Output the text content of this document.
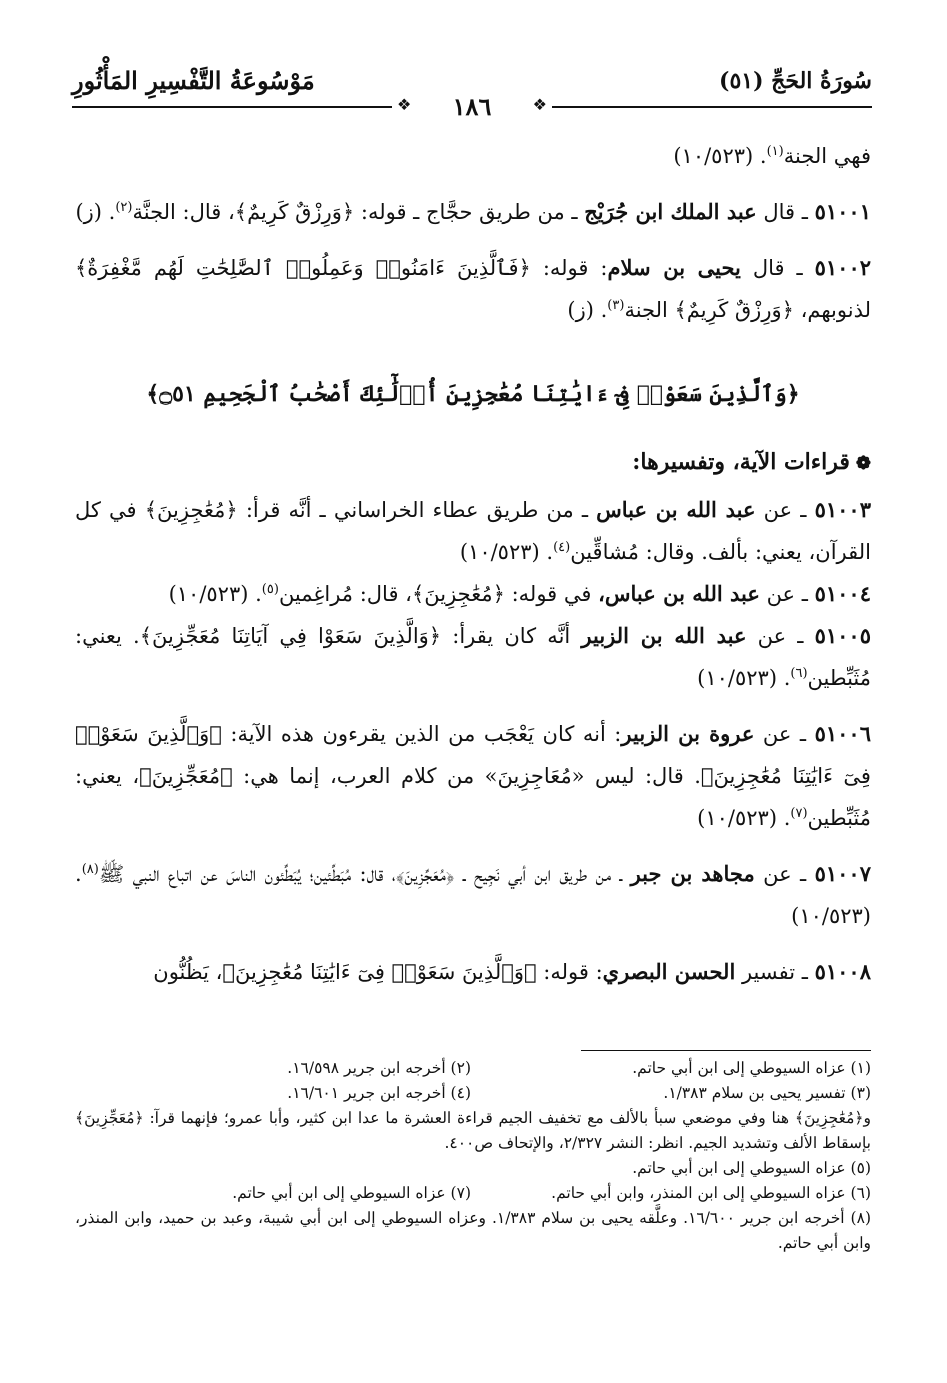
سُورَةُ الحَجِّ (٥١)
مَوْسُوعَةُ التَّفْسِيرِ المَأْثُورِ
❖
١٨٦
❖

فهي الجنة$^{(١)}$. (١٠/٥٢٣)

٥١٠٠١ ـ قال عبد الملك ابن جُرَيْج ـ من طريق حجَّاج ـ قوله: ﴿وَرِزْقٌ كَرِيمٌ﴾، قال: الجنَّة$^{(٢)}$. (ز)

٥١٠٠٢ ـ قال يحيى بن سلام: قوله: ﴿فَٱلَّذِينَ ءَامَنُوا۟ وَعَمِلُوا۟ ٱلصَّٰلِحَٰتِ لَهُم مَّغْفِرَةٌ﴾ لذنوبهم، ﴿وَرِزْقٌ كَرِيمٌ﴾ الجنة$^{(٣)}$. (ز)

﴿وَٱلَّذِينَ سَعَوْا۟ فِىٓ ءَايَٰتِنَا مُعَٰجِزِينَ أُو۟لَٰٓئِكَ أَصْحَٰبُ ٱلْجَحِيمِ ۝٥١﴾
❁قراءات الآية، وتفسيرها:

٥١٠٠٣ ـ عن عبد الله بن عباس ـ من طريق عطاء الخراساني ـ أنَّه قرأ: ﴿مُعَٰجِزِينَ﴾ في كل القرآن، يعني: بألف. وقال: مُشاقِّين$^{(٤)}$. (١٠/٥٢٣)

٥١٠٠٤ ـ عن عبد الله بن عباس، في قوله: ﴿مُعَٰجِزِينَ﴾، قال: مُراغِمين$^{(٥)}$. (١٠/٥٢٣)

٥١٠٠٥ ـ عن عبد الله بن الزبير أنَّه كان يقرأ: ﴿وَالَّذِينَ سَعَوْا فِي آيَاتِنَا مُعَجِّزِينَ﴾. يعني: مُثَبِّطين$^{(٦)}$. (١٠/٥٢٣)

٥١٠٠٦ ـ عن عروة بن الزبير: أنه كان يَعْجَب من الذين يقرءون هذه الآية: ﴿وَٱلَّذِينَ سَعَوْا۟ فِىٓ ءَايَٰتِنَا مُعَٰجِزِينَ﴾. قال: ليس «مُعَاجِزِينَ» من كلام العرب، إنما هي: ﴿مُعَجِّزِينَ﴾، يعني: مُثَبِّطين$^{(٧)}$. (١٠/٥٢٣)

٥١٠٠٧ ـ عن مجاهد بن جبر ـ من طريق ابن أبي نَجِيح ـ ﴿مُعَجِّزِينَ﴾، قال: مُبَطِّئين؛ يُبَطِّئون الناسَ عن اتباع النبي ﷺ$^{(٨)}$. (١٠/٥٢٣)

٥١٠٠٨ ـ تفسير الحسن البصري: قوله: ﴿وَٱلَّذِينَ سَعَوْا۟ فِىٓ ءَايَٰتِنَا مُعَٰجِزِينَ﴾، يَظُنُّون

(١) عزاه السيوطي إلى ابن أبي حاتم.
(٢) أخرجه ابن جرير ١٦/٥٩٨.
(٣) تفسير يحيى بن سلام ١/٣٨٣.
(٤) أخرجه ابن جرير ١٦/٦٠١.

و﴿مُعَٰجِزِينَ﴾ هنا وفي موضعي سبأ بالألف مع تخفيف الجيم قراءة العشرة ما عدا ابن كثير، وأبا عمرو؛ فإنهما قرآ: ﴿مُعَجِّزِينَ﴾ بإسقاط الألف وتشديد الجيم. انظر: النشر ٢/٣٢٧، والإتحاف ص٤٠٠.

(٥) عزاه السيوطي إلى ابن أبي حاتم.

(٦) عزاه السيوطي إلى ابن المنذر، وابن أبي حاتم.
(٧) عزاه السيوطي إلى ابن أبي حاتم.

(٨) أخرجه ابن جرير ١٦/٦٠٠. وعلَّقه يحيى بن سلام ١/٣٨٣. وعزاه السيوطي إلى ابن أبي شيبة، وعبد بن حميد، وابن المنذر، وابن أبي حاتم.
